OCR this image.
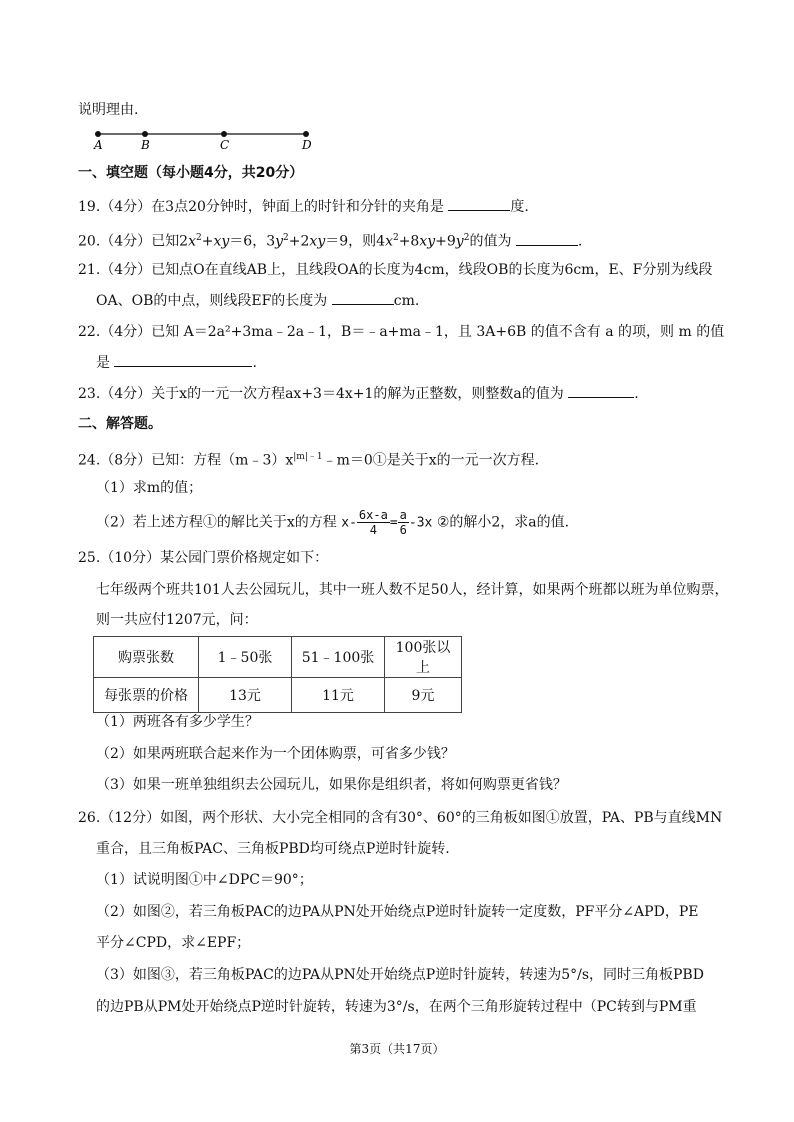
说明理由.
A	B	C	D
一、填空题（每小题4分，共20分）
19.（4分）在3点20分钟时，钟面上的时针和分针的夹角是	度.
20.（4分）已知$2x^2+xy=6$，$3y^2+2xy=9$，则$4x^2+8xy+9y^2$的值为	.
21.（4分）已知点O在直线AB上，且线段OA的长度为4cm，线段OB的长度为6cm，E、F分别为线段
OA、OB的中点，则线段EF的长度为	cm.
22.（4分）已知 A＝2a²+3ma﹣2a﹣1，B＝﹣a+ma﹣1，且 3A+6B 的值不含有 a 的项，则 m 的值
是	.
23.（4分）关于x的一元一次方程ax+3＝4x+1的解为正整数，则整数a的值为	.
二、解答题。
24.（8分）已知：方程$(m﹣3)x^{|m|﹣1}﹣m=0①$是关于x的一元一次方程.
（1）求m的值；
（2）若上述方程①的解比关于x的方程 $x- \frac{6x-a}{4} = \frac{a}{6} -3x$ ②的解小2，求a的值.
25.（10分）某公园门票价格规定如下：
七年级两个班共101人去公园玩儿，其中一班人数不足50人，经计算，如果两个班都以班为单位购票，
则一共应付1207元，问：
购票张数	1﹣50张	51﹣100张	100张以上
每张票的价格	13元	11元	9元
（1）两班各有多少学生？
（2）如果两班联合起来作为一个团体购票，可省多少钱？
（3）如果一班单独组织去公园玩儿，如果你是组织者，将如何购票更省钱？
26.（12分）如图，两个形状、大小完全相同的含有30°、60°的三角板如图①放置，PA、PB与直线MN
重合，且三角板PAC、三角板PBD均可绕点P逆时针旋转.
（1）试说明图①中∠DPC＝90°；
（2）如图②，若三角板PAC的边PA从PN处开始绕点P逆时针旋转一定度数，PF平分∠APD，PE
平分∠CPD，求∠EPF；
（3）如图③，若三角板PAC的边PA从PN处开始绕点P逆时针旋转，转速为5°/s，同时三角板PBD
的边PB从PM处开始绕点P逆时针旋转，转速为3°/s，在两个三角形旋转过程中（PC转到与PM重
第3页（共17页）
